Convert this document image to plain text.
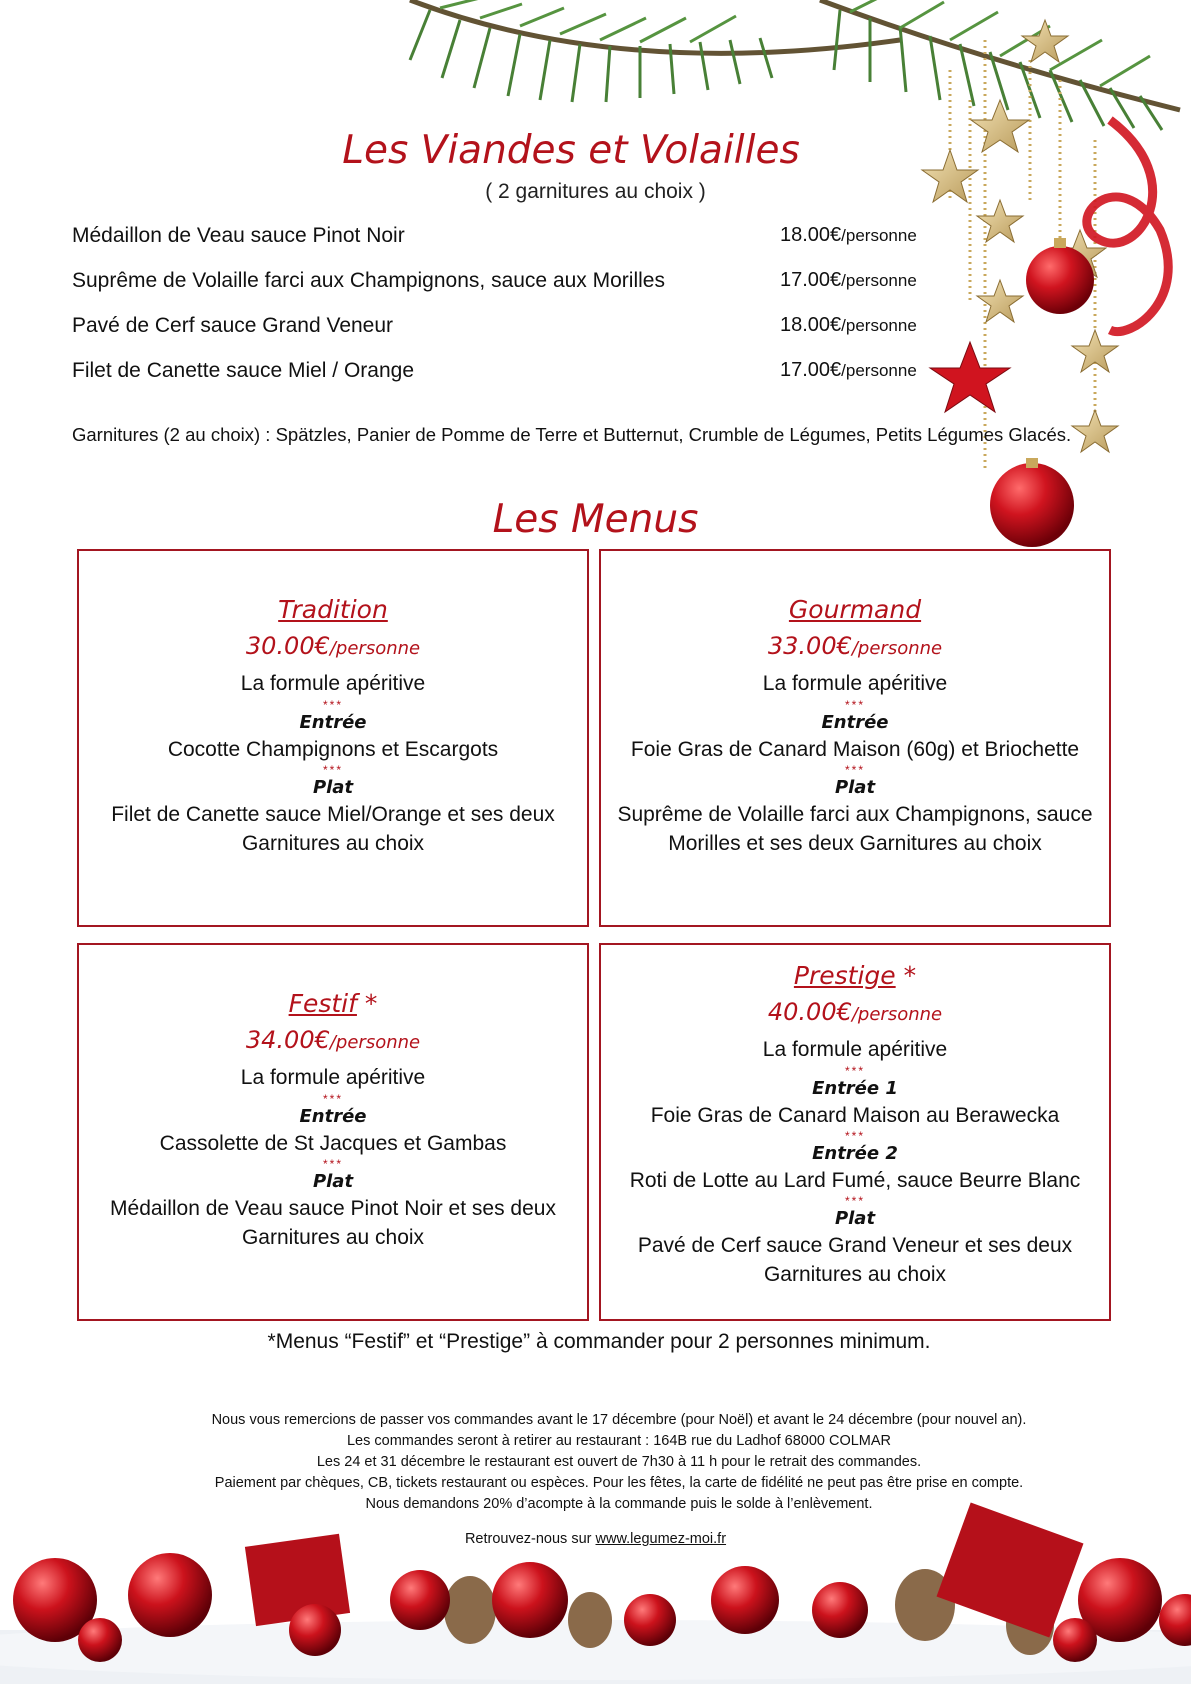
Les Viandes et Volailles
( 2 garnitures au choix )
Médaillon de Veau sauce Pinot Noir	18.00€/personne
Suprême de Volaille farci aux Champignons, sauce aux Morilles	17.00€/personne
Pavé de Cerf sauce Grand Veneur	18.00€/personne
Filet de Canette sauce Miel / Orange	17.00€/personne
Garnitures (2 au choix) : Spätzles, Panier de Pomme de Terre et Butternut, Crumble de Légumes, Petits Légumes Glacés.
Les Menus
Tradition
30.00€/personne
La formule apéritive
***
Entrée
Cocotte Champignons et Escargots
***
Plat
Filet de Canette sauce Miel/Orange et ses deux Garnitures au choix
Gourmand
33.00€/personne
La formule apéritive
***
Entrée
Foie Gras de Canard Maison (60g) et Briochette
***
Plat
Suprême de Volaille farci aux Champignons, sauce Morilles et ses deux Garnitures au choix
Festif *
34.00€/personne
La formule apéritive
***
Entrée
Cassolette de St Jacques et Gambas
***
Plat
Médaillon de Veau sauce Pinot Noir et ses deux Garnitures au choix
Prestige *
40.00€/personne
La formule apéritive
***
Entrée 1
Foie Gras de Canard Maison au Berawecka
***
Entrée 2
Roti de Lotte au Lard Fumé, sauce Beurre Blanc
***
Plat
Pavé de Cerf sauce Grand Veneur et ses deux Garnitures au choix
*Menus “Festif” et “Prestige” à commander pour 2 personnes minimum.
Nous vous remercions de passer vos commandes avant le 17 décembre (pour Noël) et avant le 24 décembre (pour nouvel an).
Les commandes seront à retirer au restaurant : 164B rue du Ladhof 68000 COLMAR
Les 24 et 31 décembre le restaurant est ouvert de 7h30 à 11 h pour le retrait des commandes.
Paiement par chèques, CB, tickets restaurant ou espèces. Pour les fêtes, la carte de fidélité ne peut pas être prise en compte.
Nous demandons 20% d’acompte à la commande puis le solde à l’enlèvement.
Retrouvez-nous sur www.legumez-moi.fr
